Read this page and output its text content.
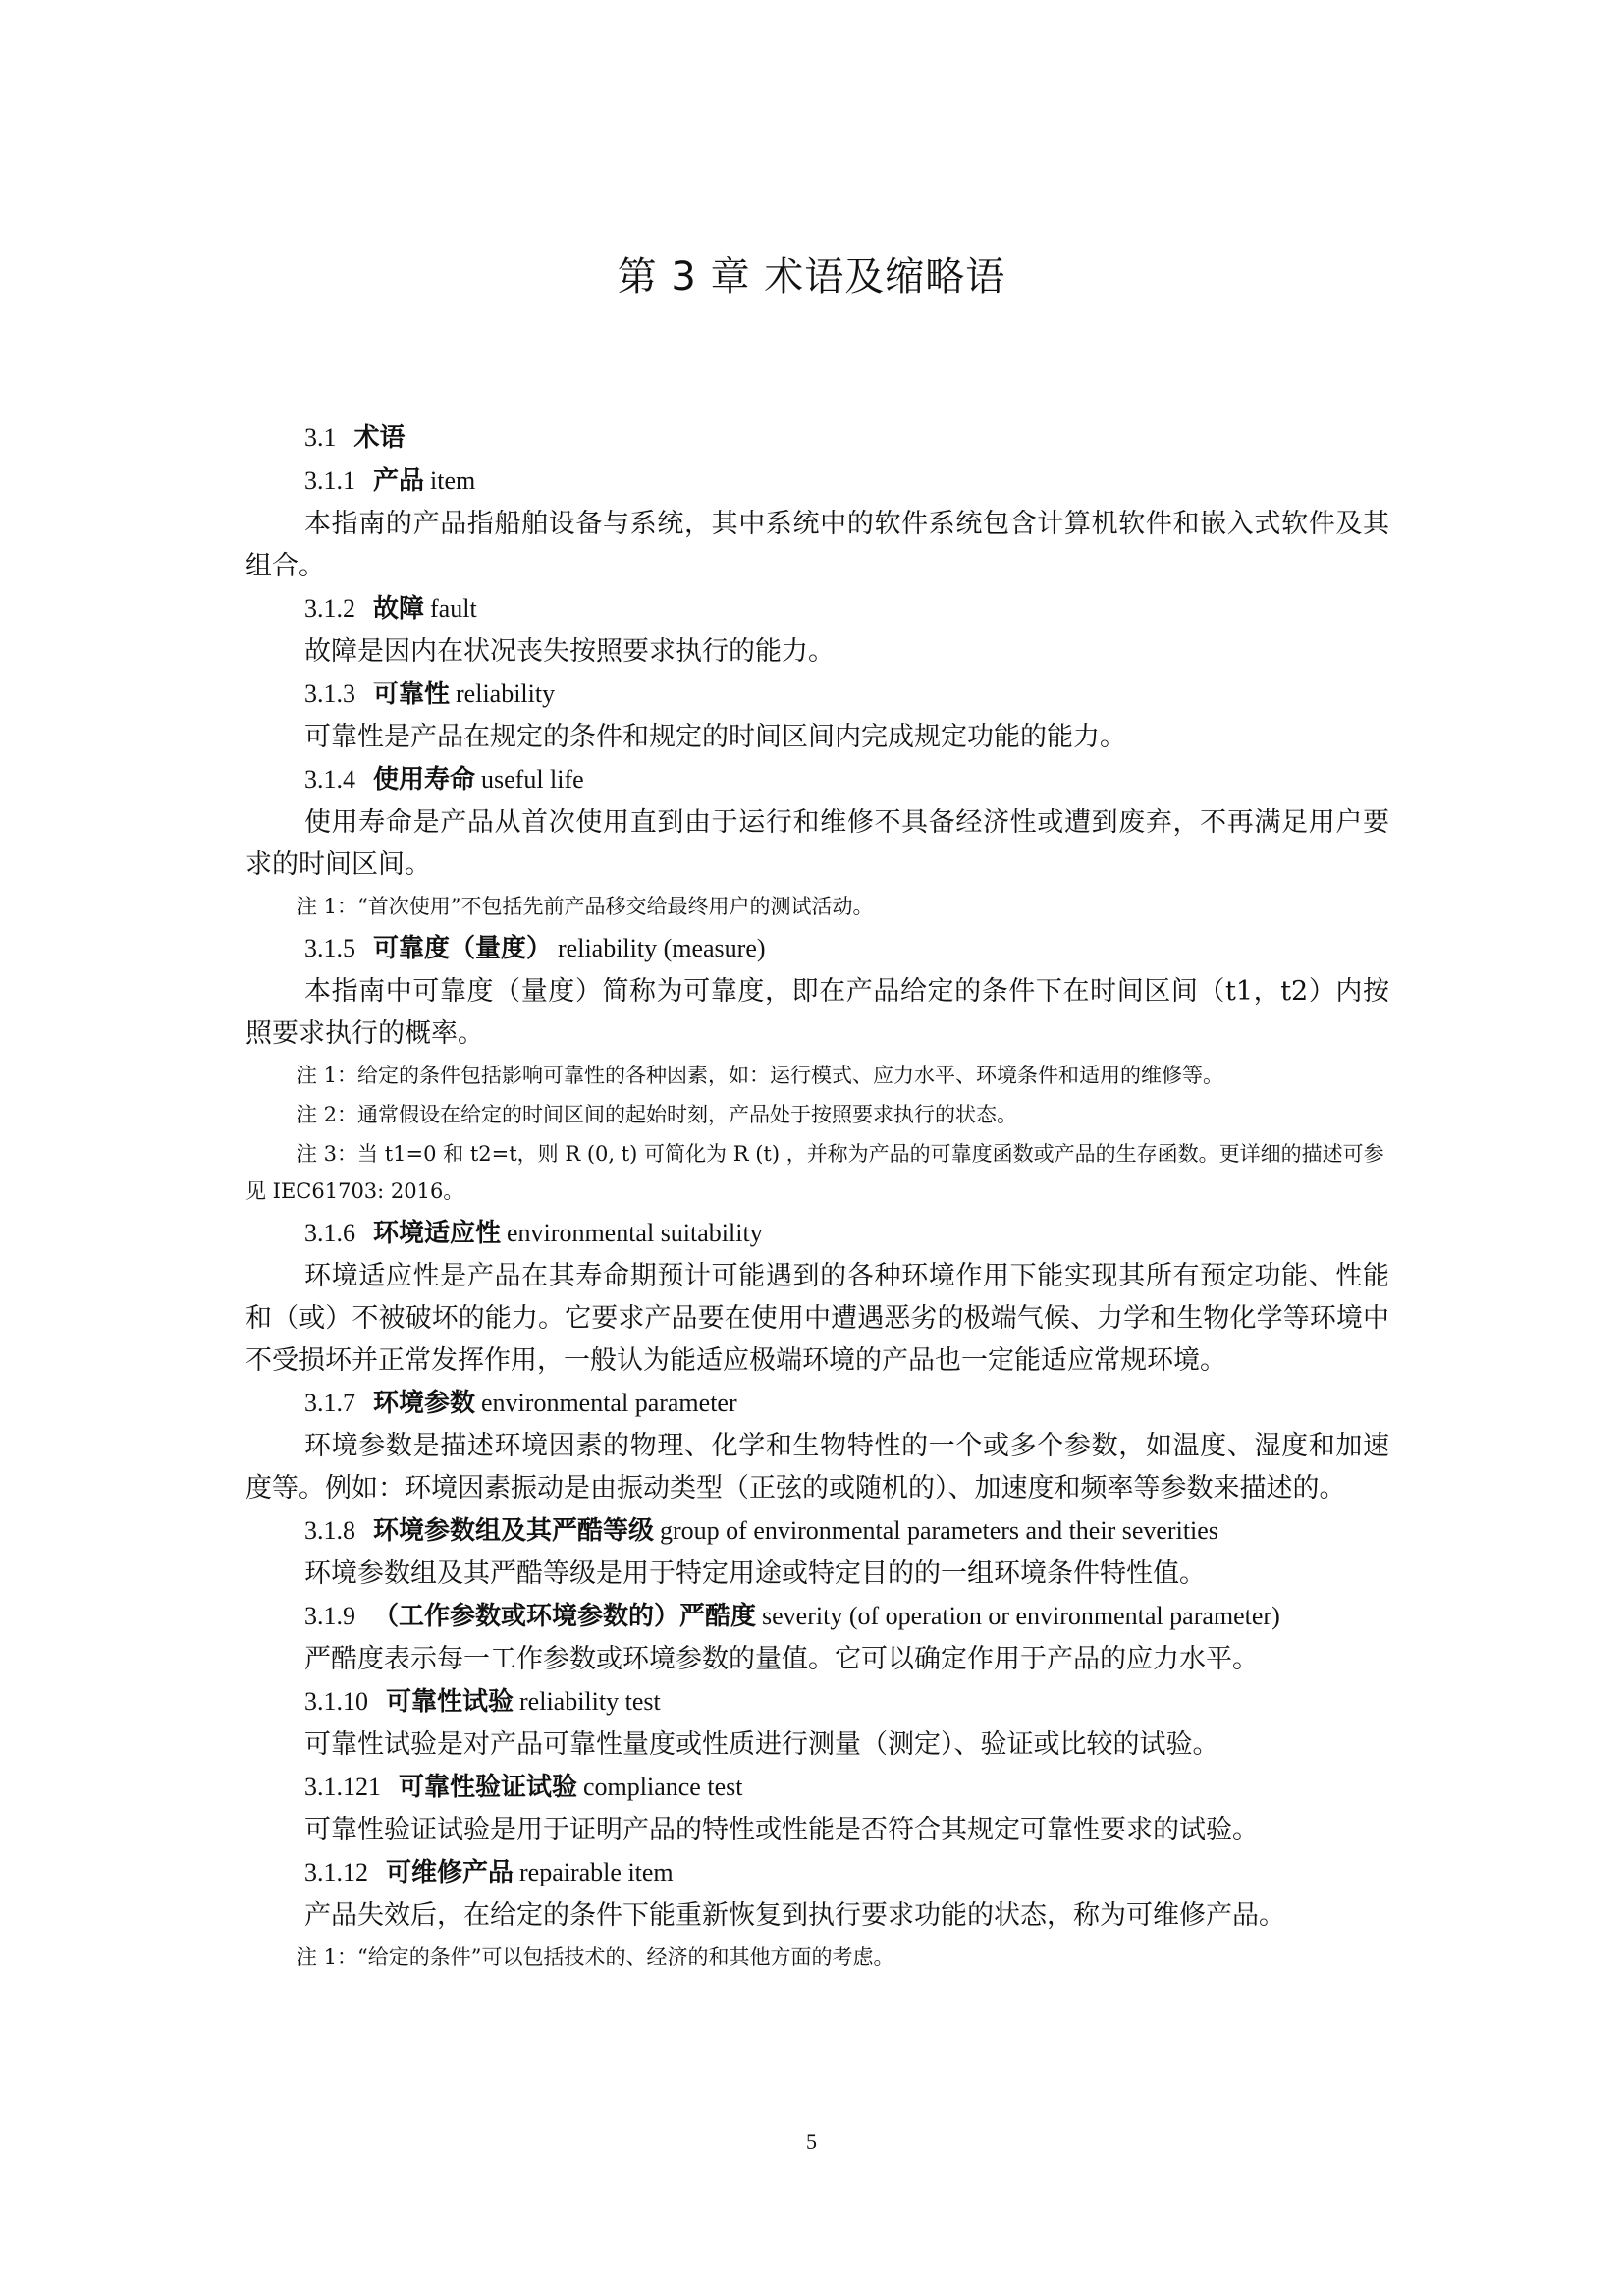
第 3 章 术语及缩略语
3.1 术语
3.1.1 产品 item

本指南的产品指船舶设备与系统，其中系统中的软件系统包含计算机软件和嵌入式软件及其组合。

3.1.2 故障 fault

故障是因内在状况丧失按照要求执行的能力。

3.1.3 可靠性 reliability

可靠性是产品在规定的条件和规定的时间区间内完成规定功能的能力。

3.1.4 使用寿命 useful life

使用寿命是产品从首次使用直到由于运行和维修不具备经济性或遭到废弃，不再满足用户要求的时间区间。

注 1：“首次使用”不包括先前产品移交给最终用户的测试活动。

3.1.5 可靠度（量度） reliability (measure)

本指南中可靠度（量度）简称为可靠度，即在产品给定的条件下在时间区间（t1，t2）内按照要求执行的概率。

注 1：给定的条件包括影响可靠性的各种因素，如：运行模式、应力水平、环境条件和适用的维修等。

注 2：通常假设在给定的时间区间的起始时刻，产品处于按照要求执行的状态。

注 3：当 t1=0 和 t2=t，则 R (0, t) 可简化为 R (t) ，并称为产品的可靠度函数或产品的生存函数。更详细的描述可参见 IEC61703: 2016。

3.1.6 环境适应性 environmental suitability

环境适应性是产品在其寿命期预计可能遇到的各种环境作用下能实现其所有预定功能、性能和（或）不被破坏的能力。它要求产品要在使用中遭遇恶劣的极端气候、力学和生物化学等环境中不受损坏并正常发挥作用，一般认为能适应极端环境的产品也一定能适应常规环境。

3.1.7 环境参数 environmental parameter

环境参数是描述环境因素的物理、化学和生物特性的一个或多个参数，如温度、湿度和加速度等。例如：环境因素振动是由振动类型（正弦的或随机的）、加速度和频率等参数来描述的。

3.1.8 环境参数组及其严酷等级 group of environmental parameters and their severities

环境参数组及其严酷等级是用于特定用途或特定目的的一组环境条件特性值。

3.1.9 （工作参数或环境参数的）严酷度 severity (of operation or environmental parameter)

严酷度表示每一工作参数或环境参数的量值。它可以确定作用于产品的应力水平。

3.1.10 可靠性试验 reliability test

可靠性试验是对产品可靠性量度或性质进行测量（测定）、验证或比较的试验。

3.1.121 可靠性验证试验 compliance test

可靠性验证试验是用于证明产品的特性或性能是否符合其规定可靠性要求的试验。

3.1.12 可维修产品 repairable item

产品失效后，在给定的条件下能重新恢复到执行要求功能的状态，称为可维修产品。

注 1：“给定的条件”可以包括技术的、经济的和其他方面的考虑。

5
